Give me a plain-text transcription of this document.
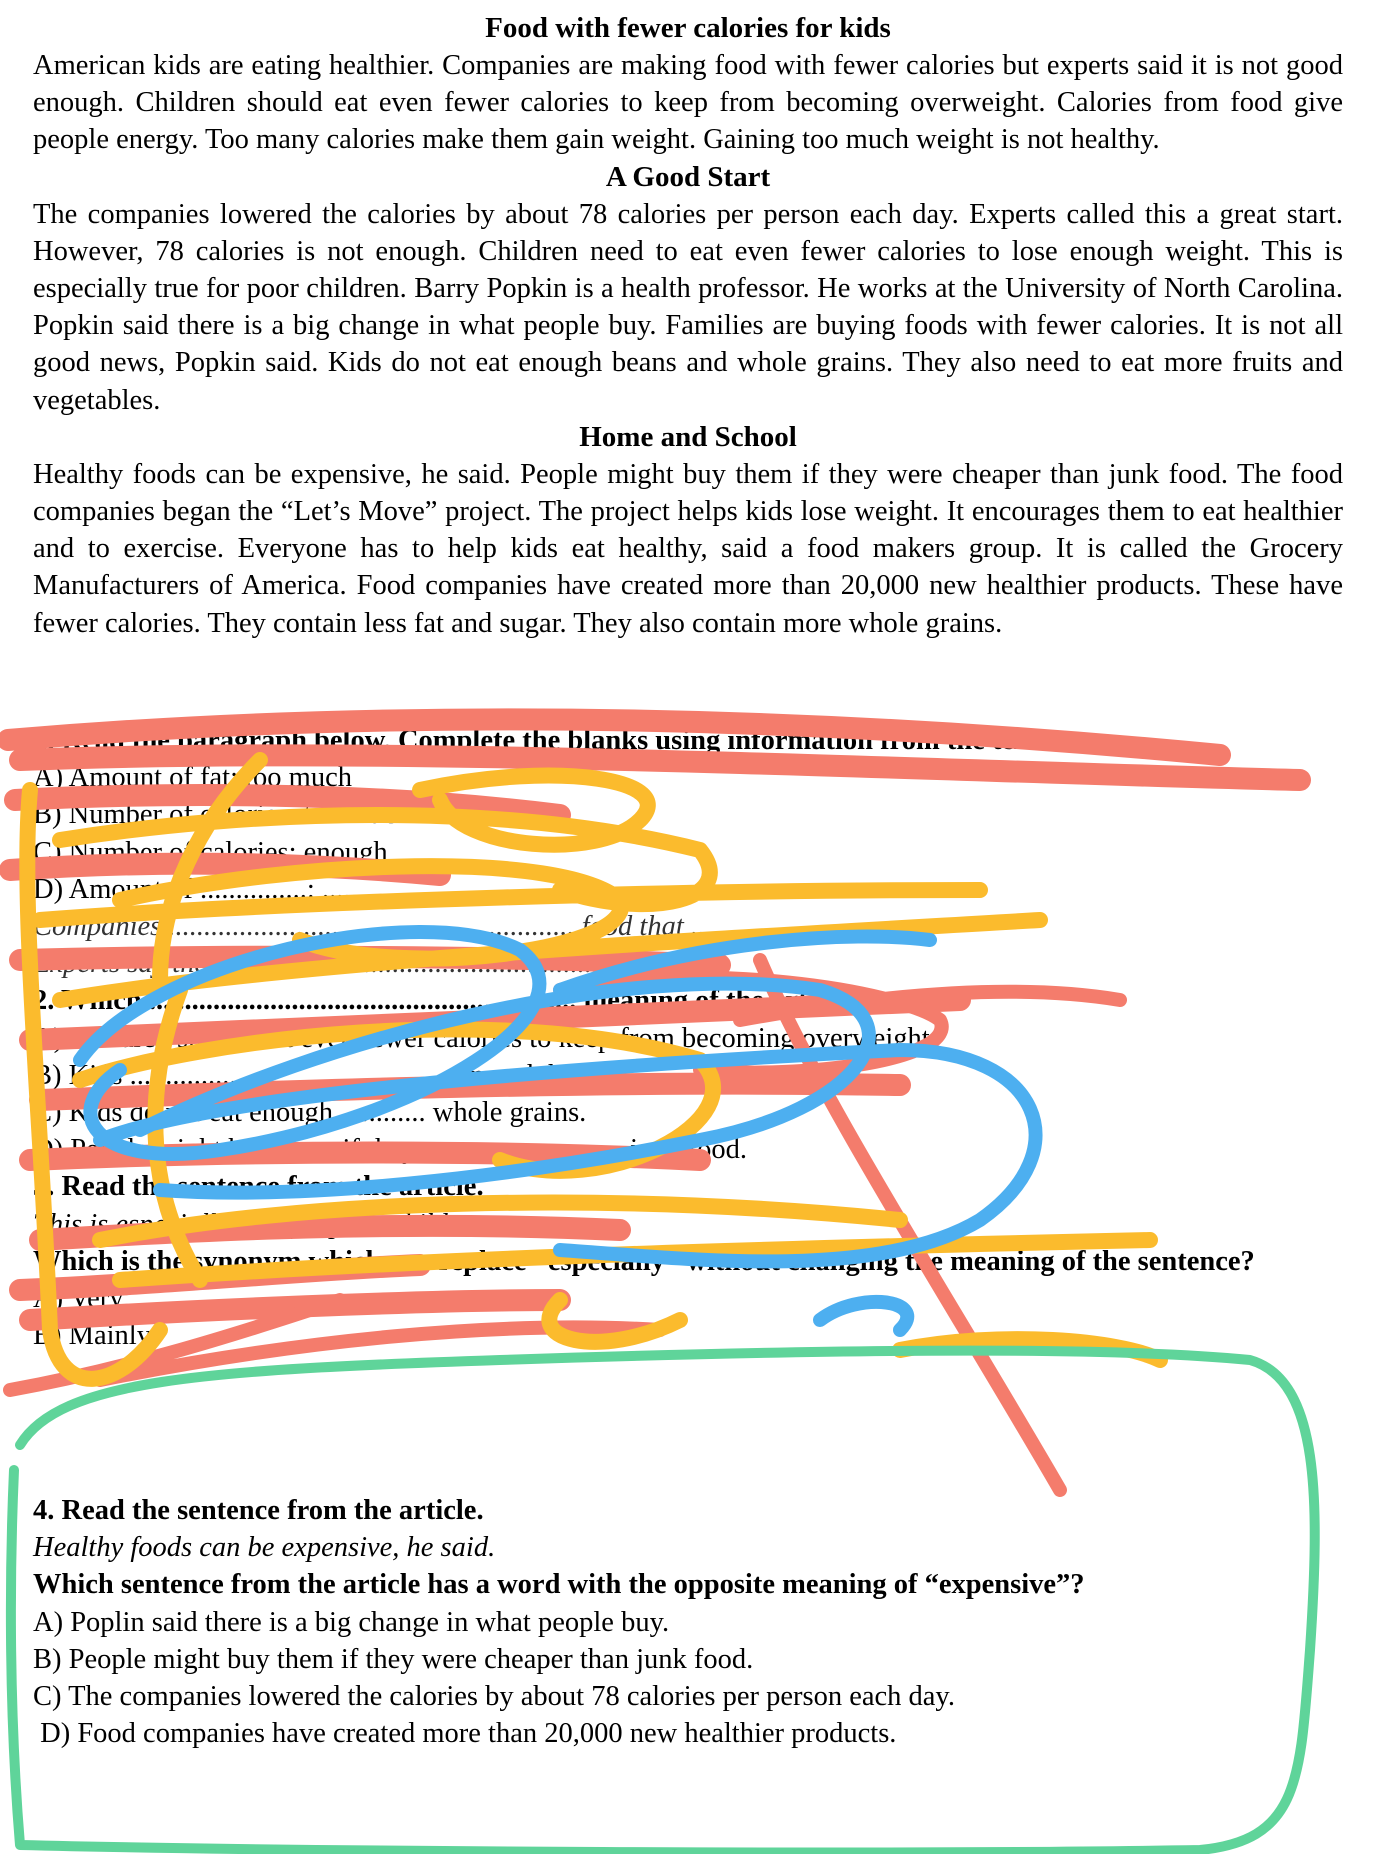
Food with fewer calories for kids

American kids are eating healthier. Companies are making food with fewer calories but experts said it is not good enough. Children should eat even fewer calories to keep from becoming overweight. Calories from food give people energy. Too many calories make them gain weight. Gaining too much weight is not healthy.

A Good Start

The companies lowered the calories by about 78 calories per person each day. Experts called this a great start. However, 78 calories is not enough. Children need to eat even fewer calories to lose enough weight. This is especially true for poor children. Barry Popkin is a health professor. He works at the University of North Carolina. Popkin said there is a big change in what people buy. Families are buying foods with fewer calories. It is not all good news, Popkin said. Kids do not eat enough beans and whole grains. They also need to eat more fruits and vegetables.

Home and School

Healthy foods can be expensive, he said. People might buy them if they were cheaper than junk food. The food companies began the “Let’s Move” project. The project helps kids lose weight. It encourages them to eat healthier and to exercise. Everyone has to help kids eat healthy, said a food makers group. It is called the Grocery Manufacturers of America. Food companies have created more than 20,000 new healthier products. These have fewer calories. They contain less fat and sugar. They also contain more whole grains.

1. Read the paragraph below. Complete the blanks using information from the text.

A) Amount of fat: too much

B) Number of calories: too much

C) Number of calories: enough

D) Amount of ...............: ...............

Companies ......................................................... food that ...............

Experts say that is....................................................................

2. Which ............................................................ meaning of the article?

A) Children should eat even fewer calories to keep from becoming overweight.

B) Kids ............................................. enough beans.

C) Kids do not eat enough ............ whole grains.

D) People might buy them if they ............................ junk food.

3. Read the sentence from the article.

This is especially true for poor children.

Which is the synonym which can replace “especially” without changing the meaning of the sentence?

A) Very

B) Mainly

4. Read the sentence from the article.

Healthy foods can be expensive, he said.

Which sentence from the article has a word with the opposite meaning of “expensive”?

A) Poplin said there is a big change in what people buy.

B) People might buy them if they were cheaper than junk food.

C) The companies lowered the calories by about 78 calories per person each day.

D) Food companies have created more than 20,000 new healthier products.
